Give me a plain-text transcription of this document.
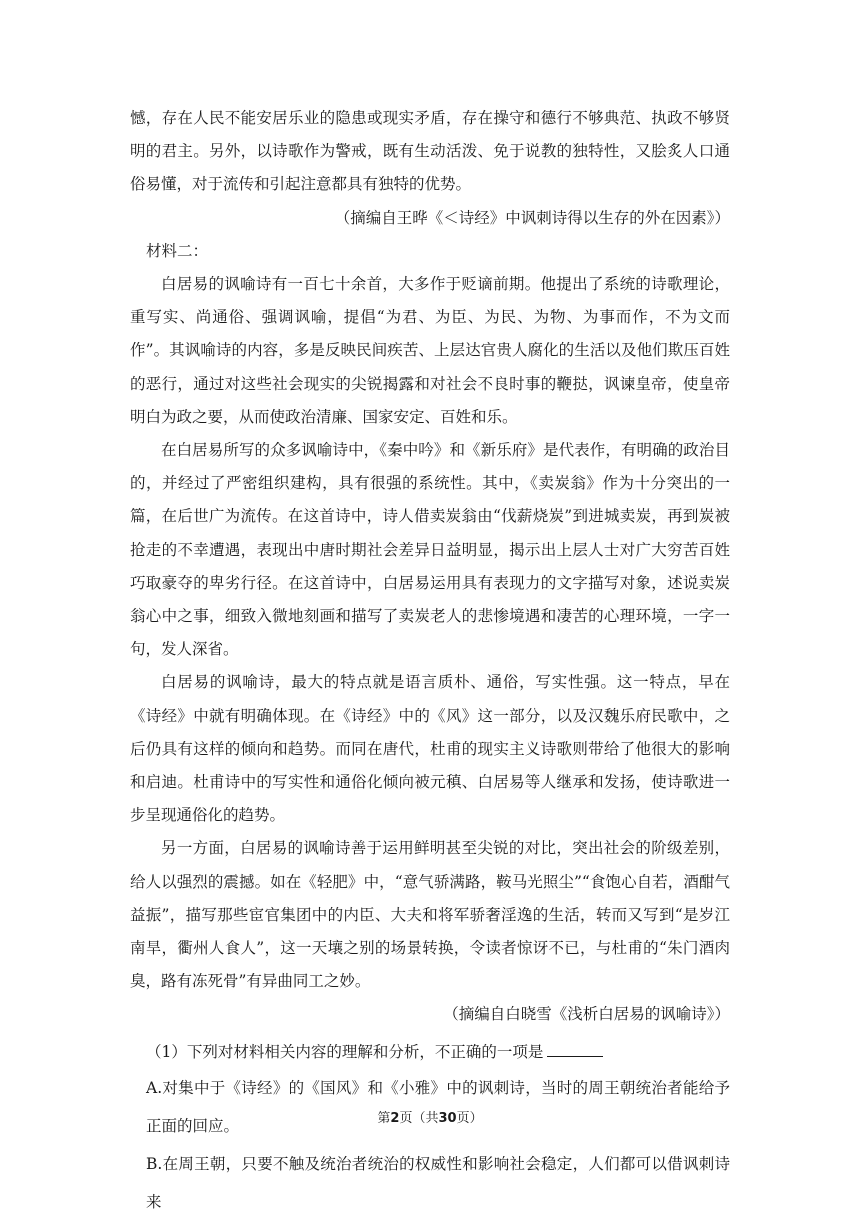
憾，存在人民不能安居乐业的隐患或现实矛盾，存在操守和德行不够典范、执政不够贤明的君主。另外，以诗歌作为警戒，既有生动活泼、免于说教的独特性，又脍炙人口通俗易懂，对于流传和引起注意都具有独特的优势。

（摘编自王晔《＜诗经》中讽刺诗得以生存的外在因素》）

材料二：

白居易的讽喻诗有一百七十余首，大多作于贬谪前期。他提出了系统的诗歌理论，重写实、尚通俗、强调讽喻，提倡“为君、为臣、为民、为物、为事而作，不为文而作”。其讽喻诗的内容，多是反映民间疾苦、上层达官贵人腐化的生活以及他们欺压百姓的恶行，通过对这些社会现实的尖锐揭露和对社会不良时事的鞭挞，讽谏皇帝，使皇帝明白为政之要，从而使政治清廉、国家安定、百姓和乐。

在白居易所写的众多讽喻诗中，《秦中吟》和《新乐府》是代表作，有明确的政治目的，并经过了严密组织建构，具有很强的系统性。其中，《卖炭翁》作为十分突出的一篇，在后世广为流传。在这首诗中，诗人借卖炭翁由“伐薪烧炭”到进城卖炭，再到炭被抢走的不幸遭遇，表现出中唐时期社会差异日益明显，揭示出上层人士对广大穷苦百姓巧取豪夺的卑劣行径。在这首诗中，白居易运用具有表现力的文字描写对象，述说卖炭翁心中之事，细致入微地刻画和描写了卖炭老人的悲惨境遇和凄苦的心理环境，一字一句，发人深省。

白居易的讽喻诗，最大的特点就是语言质朴、通俗，写实性强。这一特点，早在《诗经》中就有明确体现。在《诗经》中的《风》这一部分，以及汉魏乐府民歌中，之后仍具有这样的倾向和趋势。而同在唐代，杜甫的现实主义诗歌则带给了他很大的影响和启迪。杜甫诗中的写实性和通俗化倾向被元稹、白居易等人继承和发扬，使诗歌进一步呈现通俗化的趋势。

另一方面，白居易的讽喻诗善于运用鲜明甚至尖锐的对比，突出社会的阶级差别，给人以强烈的震撼。如在《轻肥》中，“意气骄满路，鞍马光照尘”“食饱心自若，酒酣气益振”，描写那些宦官集团中的内臣、大夫和将军骄奢淫逸的生活，转而又写到“是岁江南旱，衢州人食人”，这一天壤之别的场景转换，令读者惊讶不已，与杜甫的“朱门酒肉臭，路有冻死骨”有异曲同工之妙。

（摘编自白晓雪《浅析白居易的讽喻诗》）

（1）下列对材料相关内容的理解和分析，不正确的一项是

A.对集中于《诗经》的《国风》和《小雅》中的讽刺诗，当时的周王朝统治者能给予正面的回应。

B.在周王朝，只要不触及统治者统治的权威性和影响社会稳定，人们都可以借讽刺诗来

第2页（共30页）
